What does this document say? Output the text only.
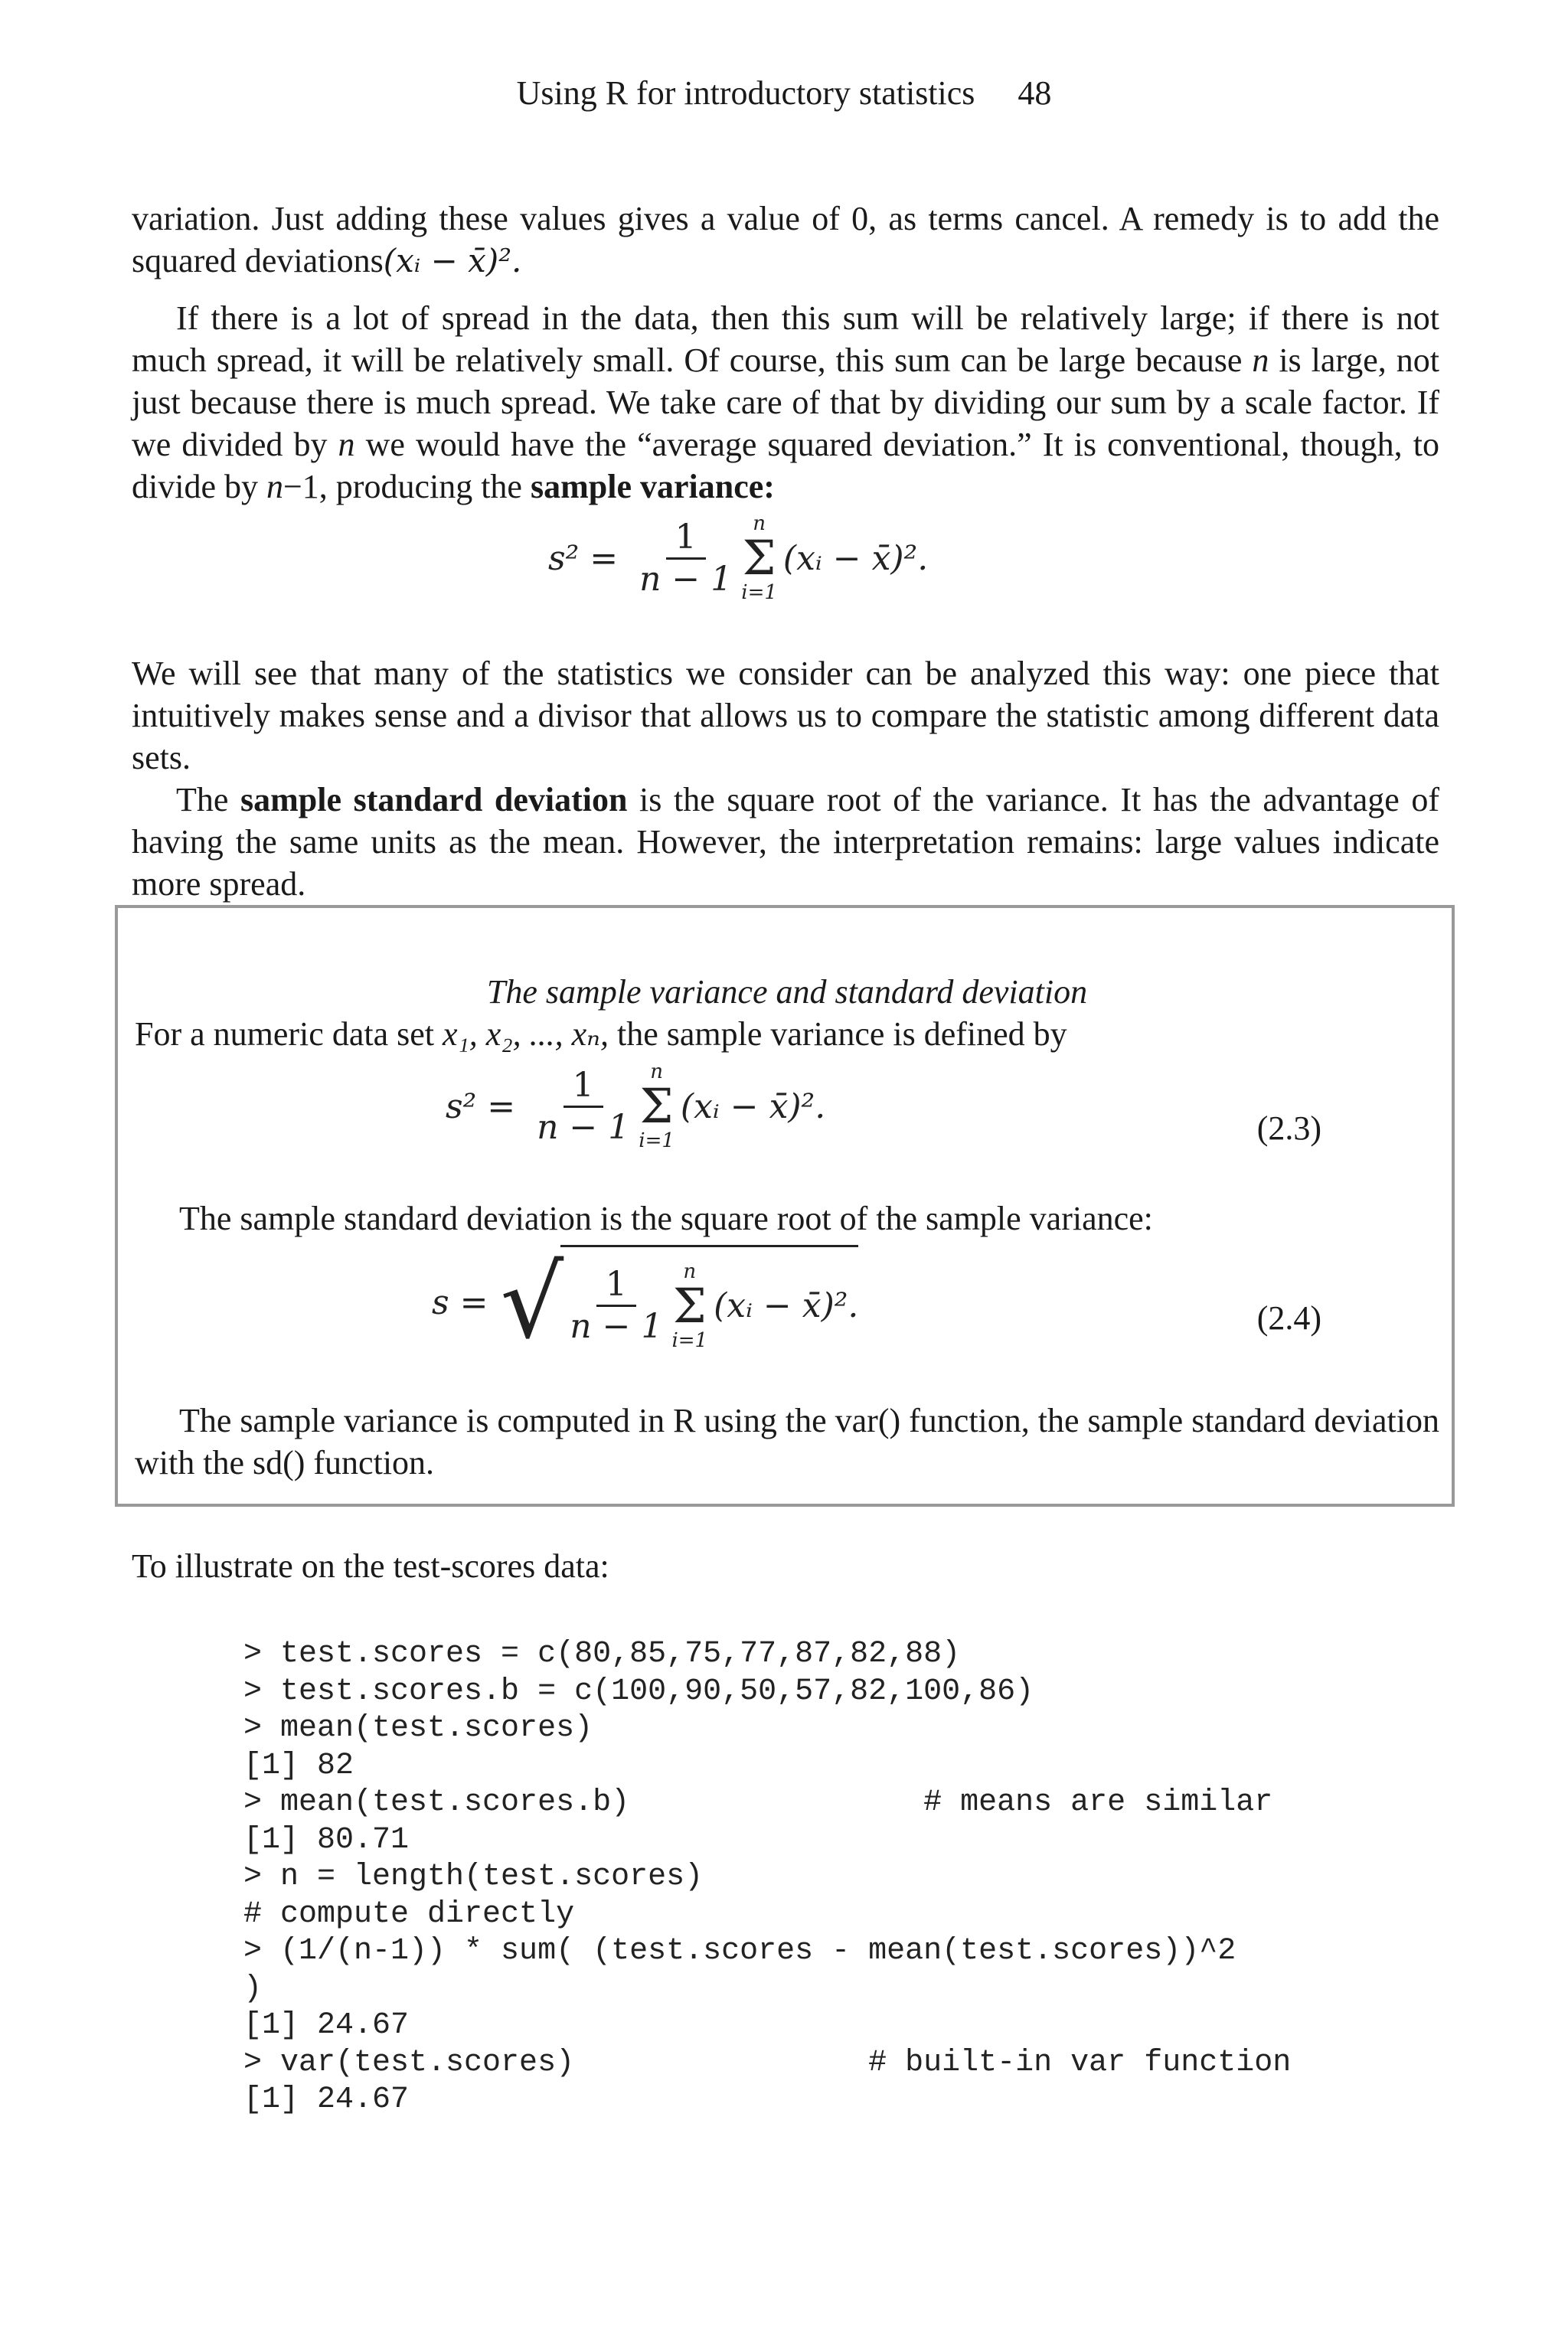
Using R for introductory statistics 48

variation. Just adding these values gives a value of 0, as terms cancel. A remedy is to add the squared deviations(xᵢ − x̄)².

If there is a lot of spread in the data, then this sum will be relatively large; if there is not much spread, it will be relatively small. Of course, this sum can be large because n is large, not just because there is much spread. We take care of that by dividing our sum by a scale factor. If we divided by n we would have the “average squared deviation.” It is conventional, though, to divide by n−1, producing the sample variance:

$s^2 = \frac{1}{n - 1}$ n
Σ
i=1
(xᵢ − x̄)².

We will see that many of the statistics we consider can be analyzed this way: one piece that intuitively makes sense and a divisor that allows us to compare the statistic among different data sets.

The sample standard deviation is the square root of the variance. It has the advantage of having the same units as the mean. However, the interpretation remains: large values indicate more spread.

The sample variance and standard deviation

For a numeric data set x₁, x₂, ..., xₙ, the sample variance is defined by

$s^2 = \frac{1}{n - 1}$ n
Σ
i=1
(xᵢ − x̄)².
(2.3)

The sample standard deviation is the square root of the sample variance:

s = √ $\frac{1}{n - 1}$ n
Σ
i=1
(xᵢ − x̄)².	(2.4)

The sample variance is computed in R using the var() function, the sample standard deviation with the sd() function.

To illustrate on the test-scores data:

> test.scores = c(80,85,75,77,87,82,88)
> test.scores.b = c(100,90,50,57,82,100,86)
> mean(test.scores)
[1] 82
> mean(test.scores.b)                # means are similar
[1] 80.71
> n = length(test.scores)
# compute directly
> (1/(n-1)) * sum( (test.scores - mean(test.scores))^2
)
[1] 24.67
> var(test.scores)                # built-in var function
[1] 24.67
